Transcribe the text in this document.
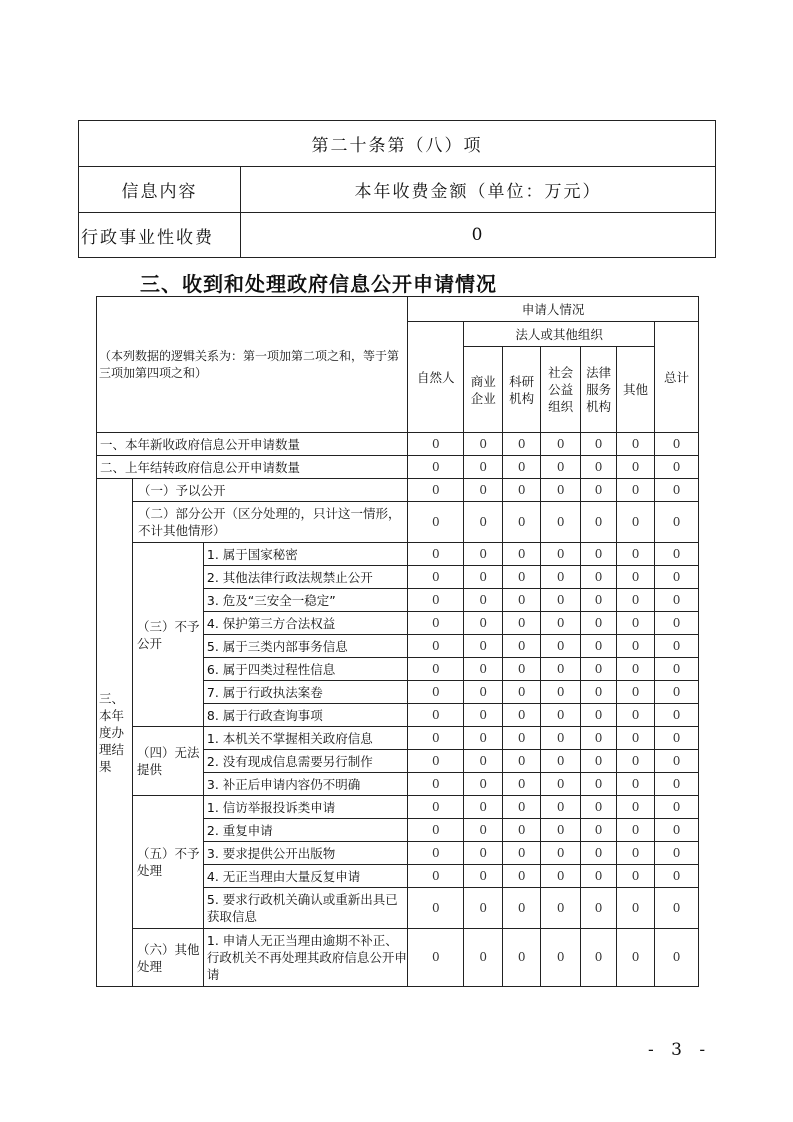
第二十条第（八）项	
信息内容	本年收费金额（单位：万元）
行政事业性收费	0
三、收到和处理政府信息公开申请情况
（本列数据的逻辑关系为：第一项加第二项之和，等于第三项加第四项之和）			申请人情况						
			自然人	法人或其他组织					总计
				商业企业	科研机构	社会公益组织	法律服务机构	其他	
一、本年新收政府信息公开申请数量			0	0	0	0	0	0	0
二、上年结转政府信息公开申请数量			0	0	0	0	0	0	0
三、本年度办理结果	（一）予以公开		0	0	0	0	0	0	0
	（二）部分公开（区分处理的，只计这一情形，不计其他情形）		0	0	0	0	0	0	0
	（三）不予公开	1. 属于国家秘密	0	0	0	0	0	0	0
		2. 其他法律行政法规禁止公开	0	0	0	0	0	0	0
		3. 危及“三安全一稳定”	0	0	0	0	0	0	0
		4. 保护第三方合法权益	0	0	0	0	0	0	0
		5. 属于三类内部事务信息	0	0	0	0	0	0	0
		6. 属于四类过程性信息	0	0	0	0	0	0	0
		7. 属于行政执法案卷	0	0	0	0	0	0	0
		8. 属于行政查询事项	0	0	0	0	0	0	0
	（四）无法提供	1. 本机关不掌握相关政府信息	0	0	0	0	0	0	0
		2. 没有现成信息需要另行制作	0	0	0	0	0	0	0
		3. 补正后申请内容仍不明确	0	0	0	0	0	0	0
	（五）不予处理	1. 信访举报投诉类申请	0	0	0	0	0	0	0
		2. 重复申请	0	0	0	0	0	0	0
		3. 要求提供公开出版物	0	0	0	0	0	0	0
		4. 无正当理由大量反复申请	0	0	0	0	0	0	0
		5. 要求行政机关确认或重新出具已获取信息	0	0	0	0	0	0	0
	（六）其他处理	1. 申请人无正当理由逾期不补正、行政机关不再处理其政府信息公开申请	0	0	0	0	0	0	0
- 3 -
